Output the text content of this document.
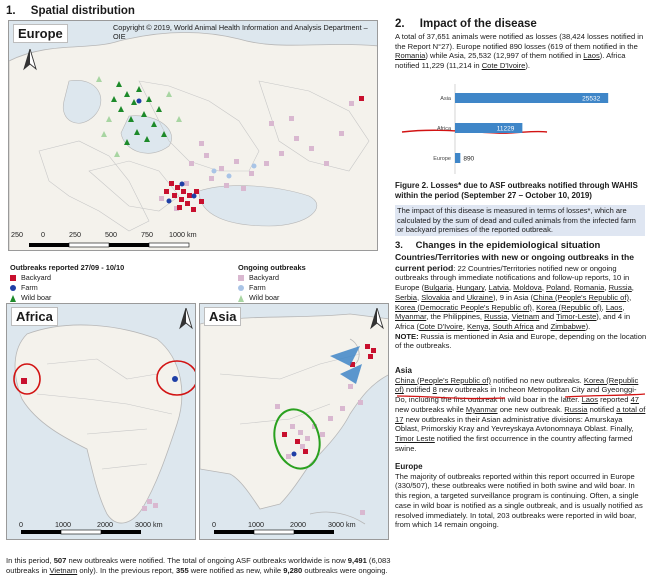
1. Spatial distribution
Europe	Copyright © 2019, World Animal Health Information and Analysis Department – OIE
250	0	250	500	750 1000 km
Outbreaks reported 27/09 - 10/10
Backyard
Farm
Wild boar
Ongoing outbreaks
Backyard
Farm
Wild boar
Africa
0	1000	2000	3000 km
Asia
0	1000	2000	3000 km
In this period, 507 new outbreaks were notified. The total of ongoing ASF outbreaks worldwide is now 9,491 (6,083 outbreaks in Vietnam only). In the previous report, 355 were notified as new, while 9,280 outbreaks were ongoing.
2. Impact of the disease
A total of 37,651 animals were notified as losses (38,424 losses notified in the Report N°27). Europe notified 890 losses (619 of them notified in the Romania) while Asia, 25,532 (12,997 of them notified in Laos). Africa notified 11,229 (11,214 in Cote D'Ivoire).
Asia	25532
Africa	11229
Europe 890
Figure 2. Losses* due to ASF outbreaks notified through WAHIS within the period (September 27 – October 10, 2019)
The impact of this disease is measured in terms of losses*, which are calculated by the sum of dead and culled animals from the infected farm or backyard premises of the reported outbreak.
3. Changes in the epidemiological situation
Countries/Territories with new or ongoing outbreaks in the current period: 22 Countries/Territories notified new or ongoing outbreaks through immediate notifications and follow-up reports, 10 in Europe (Bulgaria, Hungary, Latvia, Moldova, Poland, Romania, Russia, Serbia, Slovakia and Ukraine), 9 in Asia (China (People's Republic of), Korea (Democratic People's Republic of), Korea (Republic of), Laos, Myanmar, the Philippines, Russia, Vietnam and Timor-Leste), and 4 in Africa (Cote D'Ivoire, Kenya, South Africa and Zimbabwe).
NOTE: Russia is mentioned in Asia and Europe, depending on the location of the outbreaks.
Asia
China (People's Republic of) notified no new outbreaks. Korea (Republic of) notified 8 new outbreaks in Incheon Metropolitan City and Gyeonggi-Do, including the first outbreak in wild boar in the latter. Laos reported 47 new outbreaks while Myanmar one new outbreak. Russia notified a total of 17 new outbreaks in their Asian administrative divisions: Amurskaya Oblast, Primorskiy Kray and Yevreyskaya Avtonomnaya Oblast. Finally, Timor Leste notified the first occurrence in the country affecting farmed swine.
Europe
The majority of outbreaks reported within this report occurred in Europe (330/507), these outbreaks were notified in both swine and wild boar. In this region, a targeted surveillance program is continuing. Often, a single case in wild boar is notified as a single outbreak, and is usually notified as resolved immediately. In total, 203 outbreaks were reported in wild boar, from which 14 remain ongoing.
